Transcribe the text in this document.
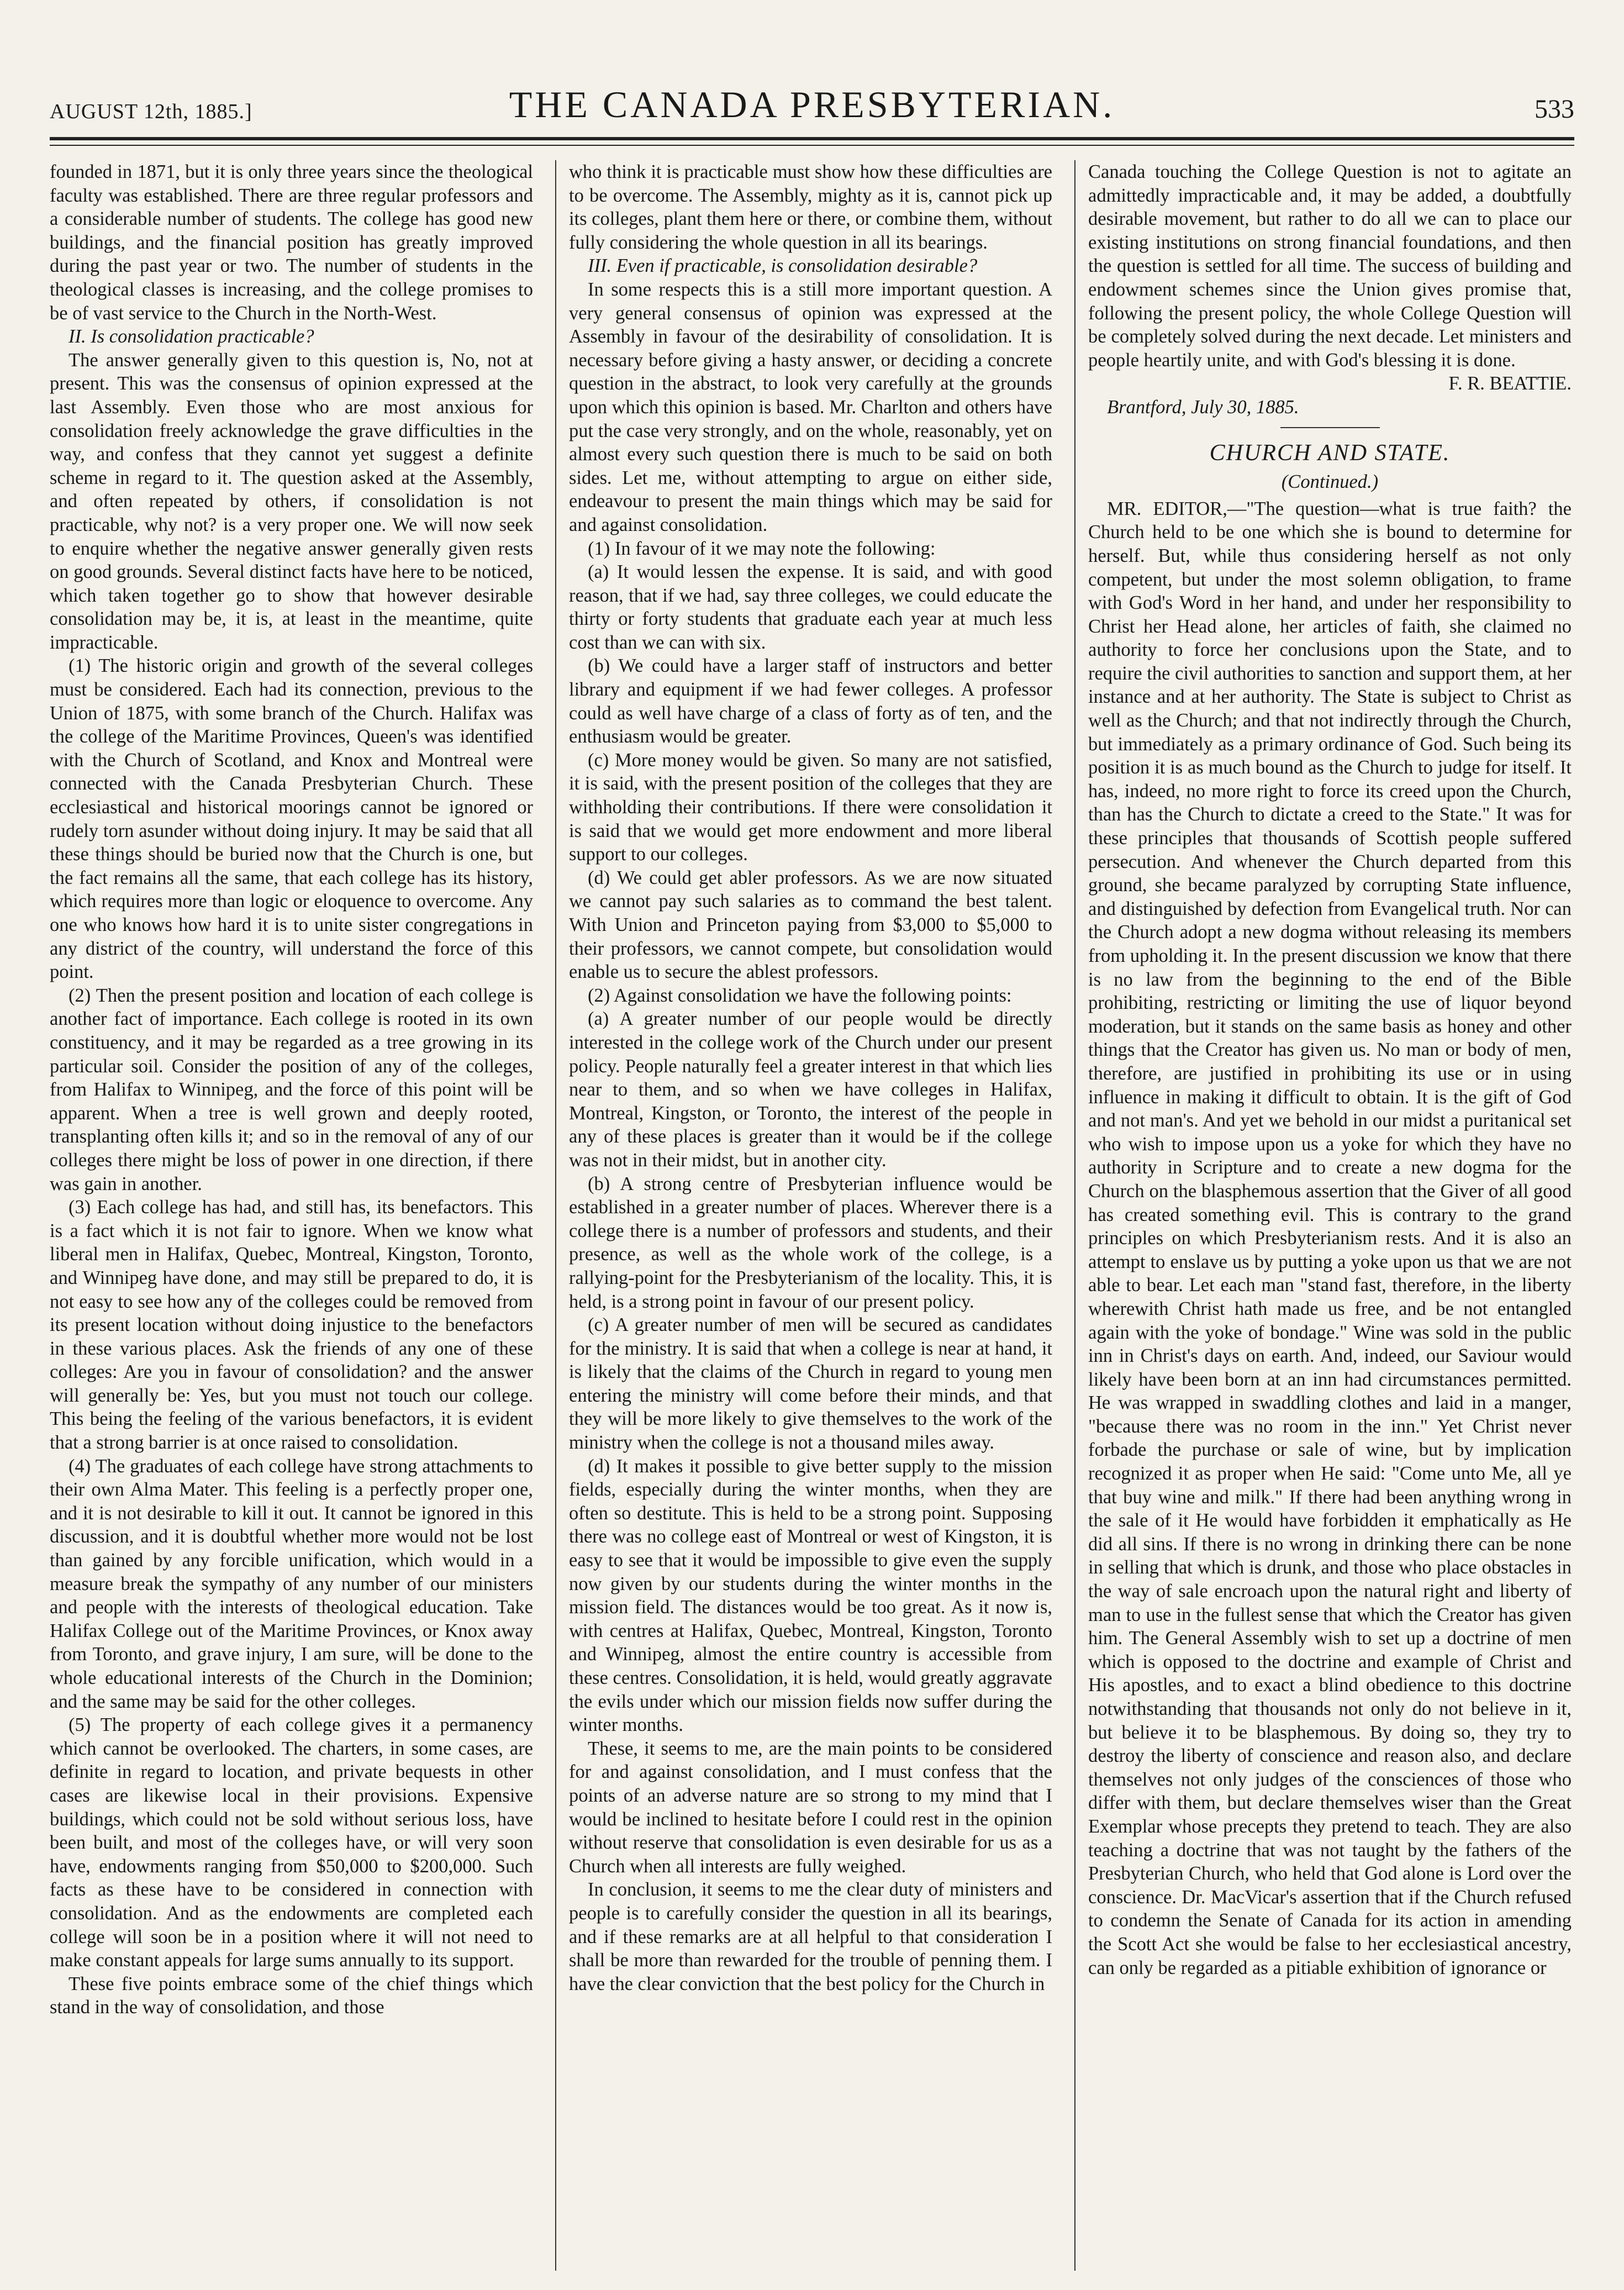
AUGUST 12th, 1885.]	THE CANADA PRESBYTERIAN.	533

founded in 1871, but it is only three years since the theological faculty was established. There are three regular professors and a considerable number of students. The college has good new buildings, and the financial position has greatly improved during the past year or two. The number of students in the theological classes is increasing, and the college promises to be of vast service to the Church in the North-West.

II. Is consolidation practicable?

The answer generally given to this question is, No, not at present. This was the consensus of opinion expressed at the last Assembly. Even those who are most anxious for consolidation freely acknowledge the grave difficulties in the way, and confess that they cannot yet suggest a definite scheme in regard to it. The question asked at the Assembly, and often repeated by others, if consolidation is not practicable, why not? is a very proper one. We will now seek to enquire whether the negative answer generally given rests on good grounds. Several distinct facts have here to be noticed, which taken together go to show that however desirable consolidation may be, it is, at least in the meantime, quite impracticable.

(1) The historic origin and growth of the several colleges must be considered. Each had its connection, previous to the Union of 1875, with some branch of the Church. Halifax was the college of the Maritime Provinces, Queen's was identified with the Church of Scotland, and Knox and Montreal were connected with the Canada Presbyterian Church. These ecclesiastical and historical moorings cannot be ignored or rudely torn asunder without doing injury. It may be said that all these things should be buried now that the Church is one, but the fact remains all the same, that each college has its history, which requires more than logic or eloquence to overcome. Any one who knows how hard it is to unite sister congregations in any district of the country, will understand the force of this point.

(2) Then the present position and location of each college is another fact of importance. Each college is rooted in its own constituency, and it may be regarded as a tree growing in its particular soil. Consider the position of any of the colleges, from Halifax to Winnipeg, and the force of this point will be apparent. When a tree is well grown and deeply rooted, transplanting often kills it; and so in the removal of any of our colleges there might be loss of power in one direction, if there was gain in another.

(3) Each college has had, and still has, its benefactors. This is a fact which it is not fair to ignore. When we know what liberal men in Halifax, Quebec, Montreal, Kingston, Toronto, and Winnipeg have done, and may still be prepared to do, it is not easy to see how any of the colleges could be removed from its present location without doing injustice to the benefactors in these various places. Ask the friends of any one of these colleges: Are you in favour of consolidation? and the answer will generally be: Yes, but you must not touch our college. This being the feeling of the various benefactors, it is evident that a strong barrier is at once raised to consolidation.

(4) The graduates of each college have strong attachments to their own Alma Mater. This feeling is a perfectly proper one, and it is not desirable to kill it out. It cannot be ignored in this discussion, and it is doubtful whether more would not be lost than gained by any forcible unification, which would in a measure break the sympathy of any number of our ministers and people with the interests of theological education. Take Halifax College out of the Maritime Provinces, or Knox away from Toronto, and grave injury, I am sure, will be done to the whole educational interests of the Church in the Dominion; and the same may be said for the other colleges.

(5) The property of each college gives it a permanency which cannot be overlooked. The charters, in some cases, are definite in regard to location, and private bequests in other cases are likewise local in their provisions. Expensive buildings, which could not be sold without serious loss, have been built, and most of the colleges have, or will very soon have, endowments ranging from $50,000 to $200,000. Such facts as these have to be considered in connection with consolidation. And as the endowments are completed each college will soon be in a position where it will not need to make constant appeals for large sums annually to its support.

These five points embrace some of the chief things which stand in the way of consolidation, and those

who think it is practicable must show how these difficulties are to be overcome. The Assembly, mighty as it is, cannot pick up its colleges, plant them here or there, or combine them, without fully considering the whole question in all its bearings.

III. Even if practicable, is consolidation desirable?

In some respects this is a still more important question. A very general consensus of opinion was expressed at the Assembly in favour of the desirability of consolidation. It is necessary before giving a hasty answer, or deciding a concrete question in the abstract, to look very carefully at the grounds upon which this opinion is based. Mr. Charlton and others have put the case very strongly, and on the whole, reasonably, yet on almost every such question there is much to be said on both sides. Let me, without attempting to argue on either side, endeavour to present the main things which may be said for and against consolidation.

(1) In favour of it we may note the following:

(a) It would lessen the expense. It is said, and with good reason, that if we had, say three colleges, we could educate the thirty or forty students that graduate each year at much less cost than we can with six.

(b) We could have a larger staff of instructors and better library and equipment if we had fewer colleges. A professor could as well have charge of a class of forty as of ten, and the enthusiasm would be greater.

(c) More money would be given. So many are not satisfied, it is said, with the present position of the colleges that they are withholding their contributions. If there were consolidation it is said that we would get more endowment and more liberal support to our colleges.

(d) We could get abler professors. As we are now situated we cannot pay such salaries as to command the best talent. With Union and Princeton paying from $3,000 to $5,000 to their professors, we cannot compete, but consolidation would enable us to secure the ablest professors.

(2) Against consolidation we have the following points:

(a) A greater number of our people would be directly interested in the college work of the Church under our present policy. People naturally feel a greater interest in that which lies near to them, and so when we have colleges in Halifax, Montreal, Kingston, or Toronto, the interest of the people in any of these places is greater than it would be if the college was not in their midst, but in another city.

(b) A strong centre of Presbyterian influence would be established in a greater number of places. Wherever there is a college there is a number of professors and students, and their presence, as well as the whole work of the college, is a rallying-point for the Presbyterianism of the locality. This, it is held, is a strong point in favour of our present policy.

(c) A greater number of men will be secured as candidates for the ministry. It is said that when a college is near at hand, it is likely that the claims of the Church in regard to young men entering the ministry will come before their minds, and that they will be more likely to give themselves to the work of the ministry when the college is not a thousand miles away.

(d) It makes it possible to give better supply to the mission fields, especially during the winter months, when they are often so destitute. This is held to be a strong point. Supposing there was no college east of Montreal or west of Kingston, it is easy to see that it would be impossible to give even the supply now given by our students during the winter months in the mission field. The distances would be too great. As it now is, with centres at Halifax, Quebec, Montreal, Kingston, Toronto and Winnipeg, almost the entire country is accessible from these centres. Consolidation, it is held, would greatly aggravate the evils under which our mission fields now suffer during the winter months.

These, it seems to me, are the main points to be considered for and against consolidation, and I must confess that the points of an adverse nature are so strong to my mind that I would be inclined to hesitate before I could rest in the opinion without reserve that consolidation is even desirable for us as a Church when all interests are fully weighed.

In conclusion, it seems to me the clear duty of ministers and people is to carefully consider the question in all its bearings, and if these remarks are at all helpful to that consideration I shall be more than rewarded for the trouble of penning them. I have the clear conviction that the best policy for the Church in

Canada touching the College Question is not to agitate an admittedly impracticable and, it may be added, a doubtfully desirable movement, but rather to do all we can to place our existing institutions on strong financial foundations, and then the question is settled for all time. The success of building and endowment schemes since the Union gives promise that, following the present policy, the whole College Question will be completely solved during the next decade. Let ministers and people heartily unite, and with God's blessing it is done.

F. R. BEATTIE.

Brantford, July 30, 1885.

CHURCH AND STATE.
(Continued.)

MR. EDITOR,—"The question—what is true faith? the Church held to be one which she is bound to determine for herself. But, while thus considering herself as not only competent, but under the most solemn obligation, to frame with God's Word in her hand, and under her responsibility to Christ her Head alone, her articles of faith, she claimed no authority to force her conclusions upon the State, and to require the civil authorities to sanction and support them, at her instance and at her authority. The State is subject to Christ as well as the Church; and that not indirectly through the Church, but immediately as a primary ordinance of God. Such being its position it is as much bound as the Church to judge for itself. It has, indeed, no more right to force its creed upon the Church, than has the Church to dictate a creed to the State." It was for these principles that thousands of Scottish people suffered persecution. And whenever the Church departed from this ground, she became paralyzed by corrupting State influence, and distinguished by defection from Evangelical truth. Nor can the Church adopt a new dogma without releasing its members from upholding it. In the present discussion we know that there is no law from the beginning to the end of the Bible prohibiting, restricting or limiting the use of liquor beyond moderation, but it stands on the same basis as honey and other things that the Creator has given us. No man or body of men, therefore, are justified in prohibiting its use or in using influence in making it difficult to obtain. It is the gift of God and not man's. And yet we behold in our midst a puritanical set who wish to impose upon us a yoke for which they have no authority in Scripture and to create a new dogma for the Church on the blasphemous assertion that the Giver of all good has created something evil. This is contrary to the grand principles on which Presbyterianism rests. And it is also an attempt to enslave us by putting a yoke upon us that we are not able to bear. Let each man "stand fast, therefore, in the liberty wherewith Christ hath made us free, and be not entangled again with the yoke of bondage." Wine was sold in the public inn in Christ's days on earth. And, indeed, our Saviour would likely have been born at an inn had circumstances permitted. He was wrapped in swaddling clothes and laid in a manger, "because there was no room in the inn." Yet Christ never forbade the purchase or sale of wine, but by implication recognized it as proper when He said: "Come unto Me, all ye that buy wine and milk." If there had been anything wrong in the sale of it He would have forbidden it emphatically as He did all sins. If there is no wrong in drinking there can be none in selling that which is drunk, and those who place obstacles in the way of sale encroach upon the natural right and liberty of man to use in the fullest sense that which the Creator has given him. The General Assembly wish to set up a doctrine of men which is opposed to the doctrine and example of Christ and His apostles, and to exact a blind obedience to this doctrine notwithstanding that thousands not only do not believe in it, but believe it to be blasphemous. By doing so, they try to destroy the liberty of conscience and reason also, and declare themselves not only judges of the consciences of those who differ with them, but declare themselves wiser than the Great Exemplar whose precepts they pretend to teach. They are also teaching a doctrine that was not taught by the fathers of the Presbyterian Church, who held that God alone is Lord over the conscience. Dr. MacVicar's assertion that if the Church refused to condemn the Senate of Canada for its action in amending the Scott Act she would be false to her ecclesiastical ancestry, can only be regarded as a pitiable exhibition of ignorance or
